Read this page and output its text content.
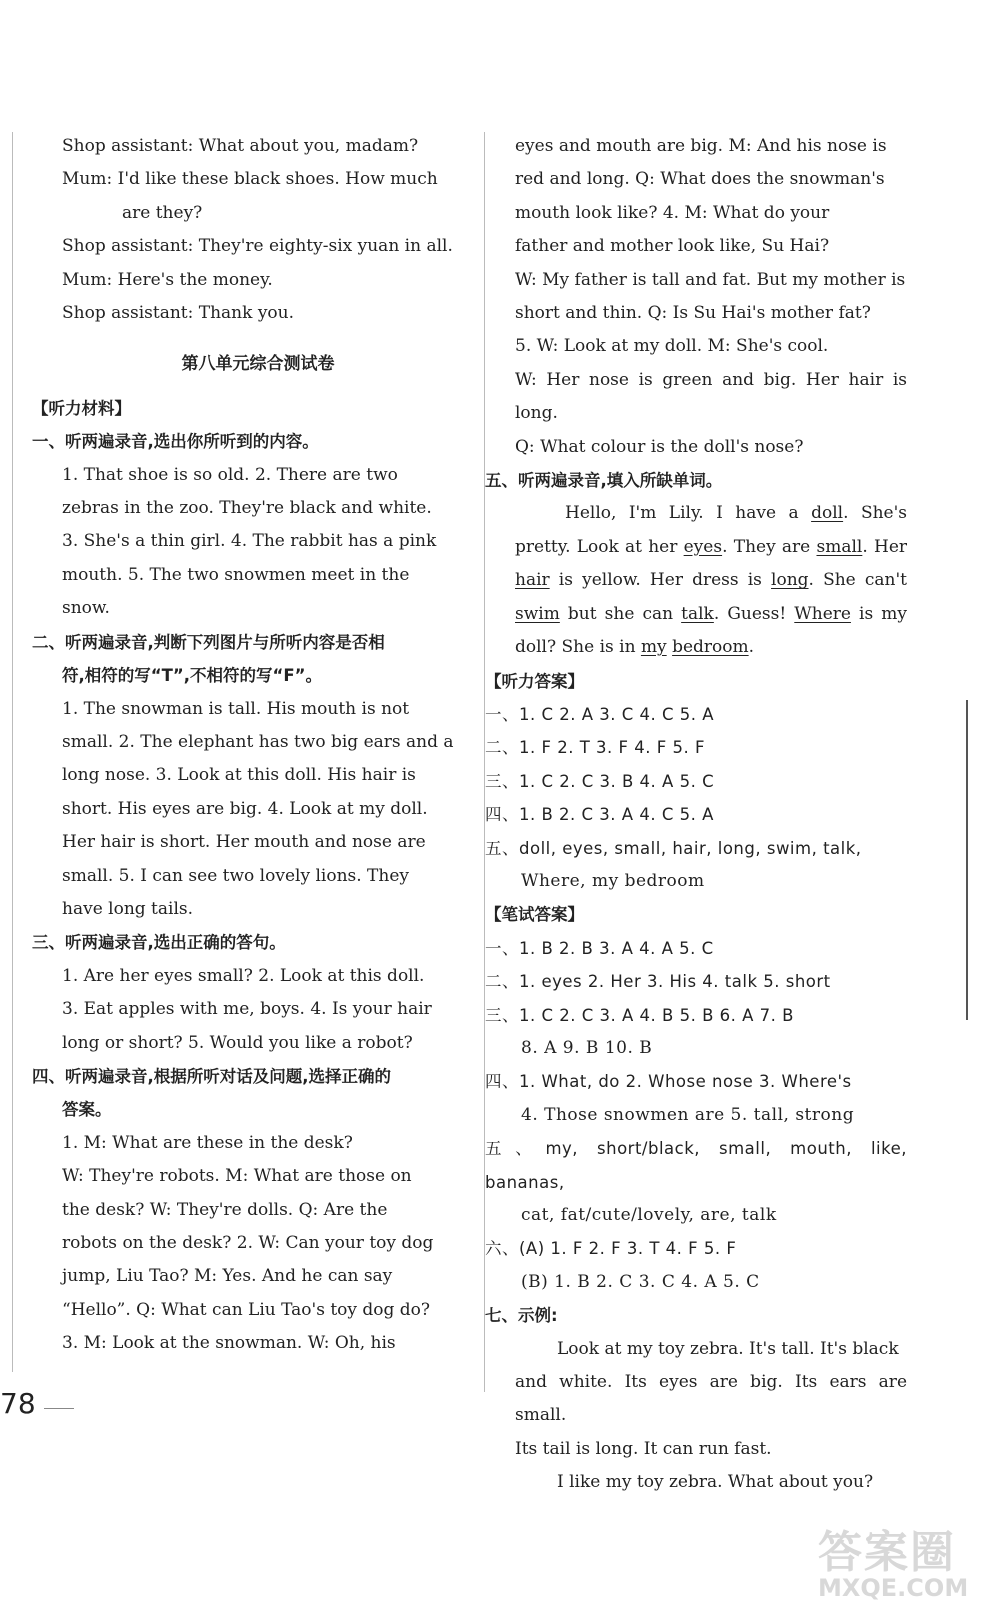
Shop assistant: What about you, madam?

Mum: I'd like these black shoes. How much

are they?

Shop assistant: They're eighty-six yuan in all.

Mum: Here's the money.

Shop assistant: Thank you.

第八单元综合测试卷

【听力材料】

一、听两遍录音,选出你所听到的内容。

1. That shoe is so old. 2. There are two

zebras in the zoo. They're black and white.

3. She's a thin girl. 4. The rabbit has a pink

mouth. 5. The two snowmen meet in the

snow.

二、听两遍录音,判断下列图片与所听内容是否相

符,相符的写“T”,不相符的写“F”。

1. The snowman is tall. His mouth is not

small. 2. The elephant has two big ears and a

long nose. 3. Look at this doll. His hair is

short. His eyes are big. 4. Look at my doll.

Her hair is short. Her mouth and nose are

small. 5. I can see two lovely lions. They

have long tails.

三、听两遍录音,选出正确的答句。

1. Are her eyes small? 2. Look at this doll.

3. Eat apples with me, boys. 4. Is your hair

long or short? 5. Would you like a robot?

四、听两遍录音,根据所听对话及问题,选择正确的

答案。

1. M: What are these in the desk?

W: They're robots. M: What are those on

the desk? W: They're dolls. Q: Are the

robots on the desk? 2. W: Can your toy dog

jump, Liu Tao? M: Yes. And he can say

“Hello”. Q: What can Liu Tao's toy dog do?

3. M: Look at the snowman. W: Oh, his

eyes and mouth are big. M: And his nose is

red and long. Q: What does the snowman's

mouth look like? 4. M: What do your

father and mother look like, Su Hai?

W: My father is tall and fat. But my mother is

short and thin. Q: Is Su Hai's mother fat?

5. W: Look at my doll. M: She's cool.

W: Her nose is green and big. Her hair is long.

Q: What colour is the doll's nose?

五、听两遍录音,填入所缺单词。

Hello, I'm Lily. I have a doll. She's pretty. Look at her eyes. They are small. Her hair is yellow. Her dress is long. She can't swim but she can talk. Guess! Where is my doll? She is in my bedroom.

【听力答案】

一、1. C 2. A 3. C 4. C 5. A

二、1. F 2. T 3. F 4. F 5. F

三、1. C 2. C 3. B 4. A 5. C

四、1. B 2. C 3. A 4. C 5. A

五、doll, eyes, small, hair, long, swim, talk,

Where, my bedroom

【笔试答案】

一、1. B 2. B 3. A 4. A 5. C

二、1. eyes 2. Her 3. His 4. talk 5. short

三、1. C 2. C 3. A 4. B 5. B 6. A 7. B

8. A 9. B 10. B

四、1. What, do 2. Whose nose 3. Where's

4. Those snowmen are 5. tall, strong

五、my, short/black, small, mouth, like, bananas,

cat, fat/cute/lovely, are, talk

六、(A) 1. F 2. F 3. T 4. F 5. F

(B) 1. B 2. C 3. C 4. A 5. C

七、示例:

Look at my toy zebra. It's tall. It's black

and white. Its eyes are big. Its ears are small.

Its tail is long. It can run fast.

I like my toy zebra. What about you?

78
答案圈
MXQE.COM
